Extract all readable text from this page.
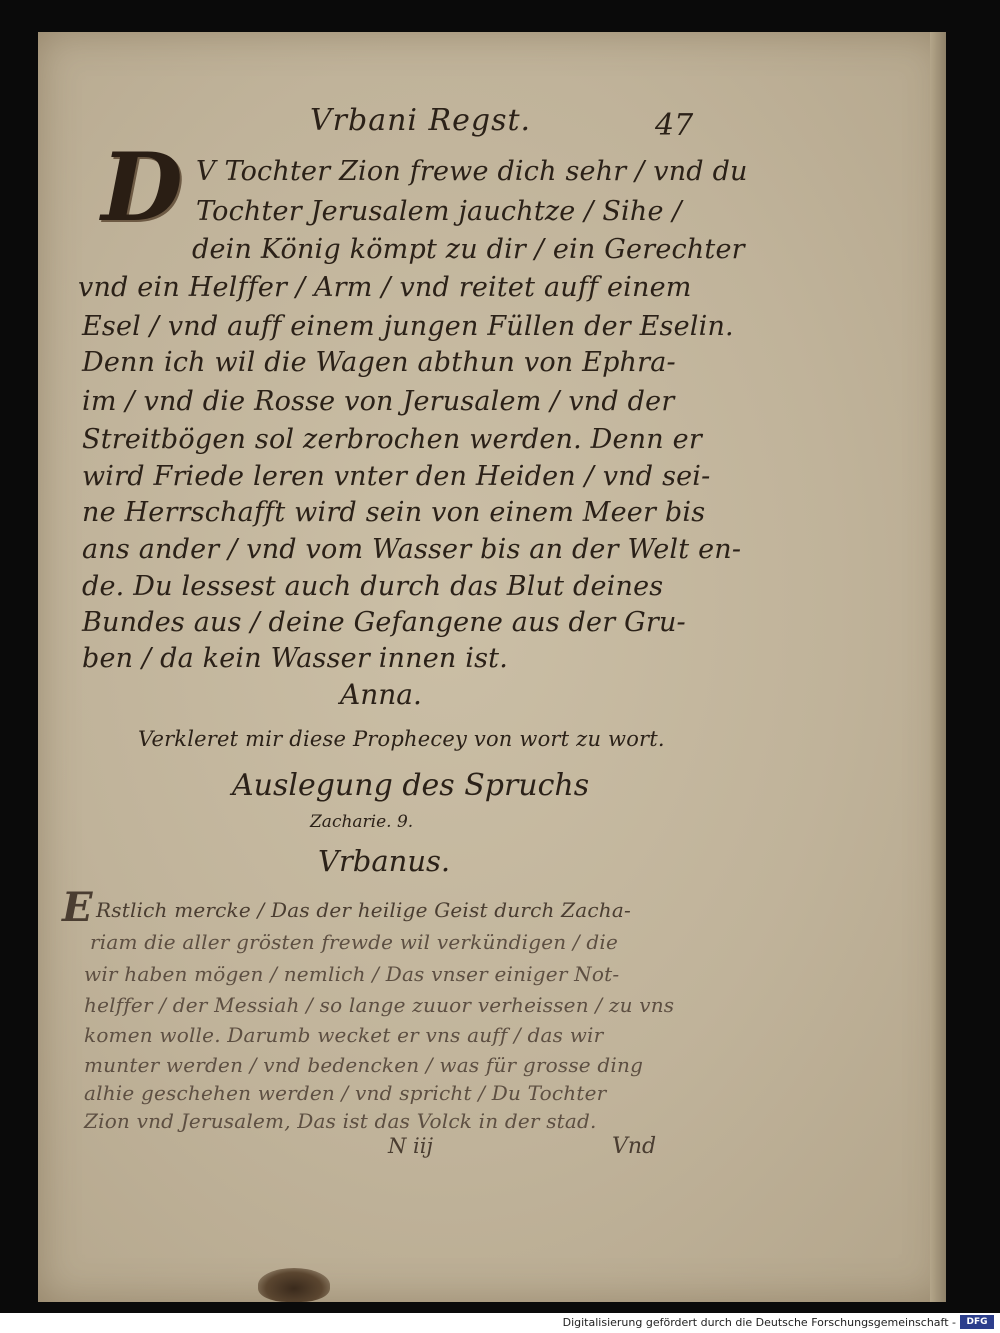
Vrbani Regst.	47
D V Tochter Zion frewe dich sehr / vnd du
Tochter Jerusalem jauchtze / Sihe /
dein König kömpt zu dir / ein Gerechter
vnd ein Helffer / Arm / vnd reitet auff einem
Esel / vnd auff einem jungen Füllen der Eselin.
Denn ich wil die Wagen abthun von Ephra-
im / vnd die Rosse von Jerusalem / vnd der
Streitbögen sol zerbrochen werden. Denn er
wird Friede leren vnter den Heiden / vnd sei-
ne Herrschafft wird sein von einem Meer bis
ans ander / vnd vom Wasser bis an der Welt en-
de. Du lessest auch durch das Blut deines
Bundes aus / deine Gefangene aus der Gru-
ben / da kein Wasser innen ist.
Anna.
Verkleret mir diese Prophecey von wort zu wort.
Auslegung des Spruchs
Zacharie. 9.
Vrbanus.
E Rstlich mercke / Das der heilige Geist durch Zacha-
riam die aller grösten frewde wil verkündigen / die
wir haben mögen / nemlich / Das vnser einiger Not-
helffer / der Messiah / so lange zuuor verheissen / zu vns
komen wolle. Darumb wecket er vns auff / das wir
munter werden / vnd bedencken / was für grosse ding
alhie geschehen werden / vnd spricht / Du Tochter
Zion vnd Jerusalem, Das ist das Volck in der stad.
N iij	Vnd
Digitalisierung gefördert durch die Deutsche Forschungsgemeinschaft -	DFG
